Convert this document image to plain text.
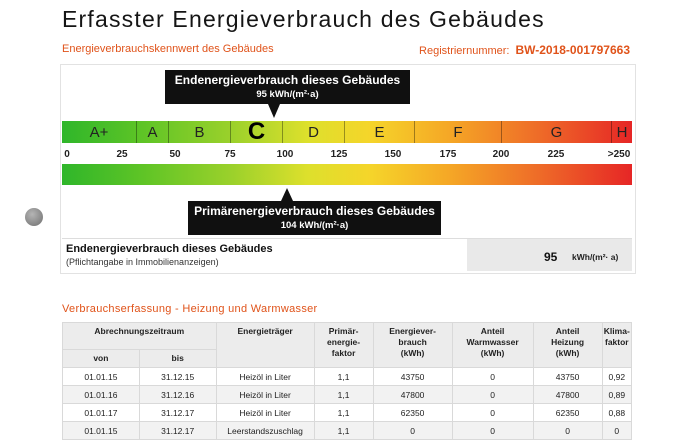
Erfasster Energieverbrauch des Gebäudes
Energieverbrauchskennwert des Gebäudes	Registriernummer: BW-2018-001797663
A+	A	B	C	D	E	F	G	H
0	25	50	75	100	125	150	175	200	225	>250
Endenergieverbrauch dieses Gebäudes
95 kWh/(m²·a)
Primärenergieverbrauch dieses Gebäudes
104 kWh/(m²·a)
Endenergieverbrauch dieses Gebäudes
(Pflichtangabe in Immobilienanzeigen)	95 kWh/(m²· a)
Verbrauchserfassung - Heizung und Warmwasser
Abrechnungszeitraum		Energieträger	Primär-
energie-
faktor	Energiever-
brauch
(kWh)	Anteil
Warmwasser
(kWh)	Anteil
Heizung
(kWh)	Klima-
faktor
von	bis						
01.01.15	31.12.15	Heizöl in Liter	1,1	43750	0	43750	0,92
01.01.16	31.12.16	Heizöl in Liter	1,1	47800	0	47800	0,89
01.01.17	31.12.17	Heizöl in Liter	1,1	62350	0	62350	0,88
01.01.15	31.12.17	Leerstandszuschlag	1,1	0	0	0	0
